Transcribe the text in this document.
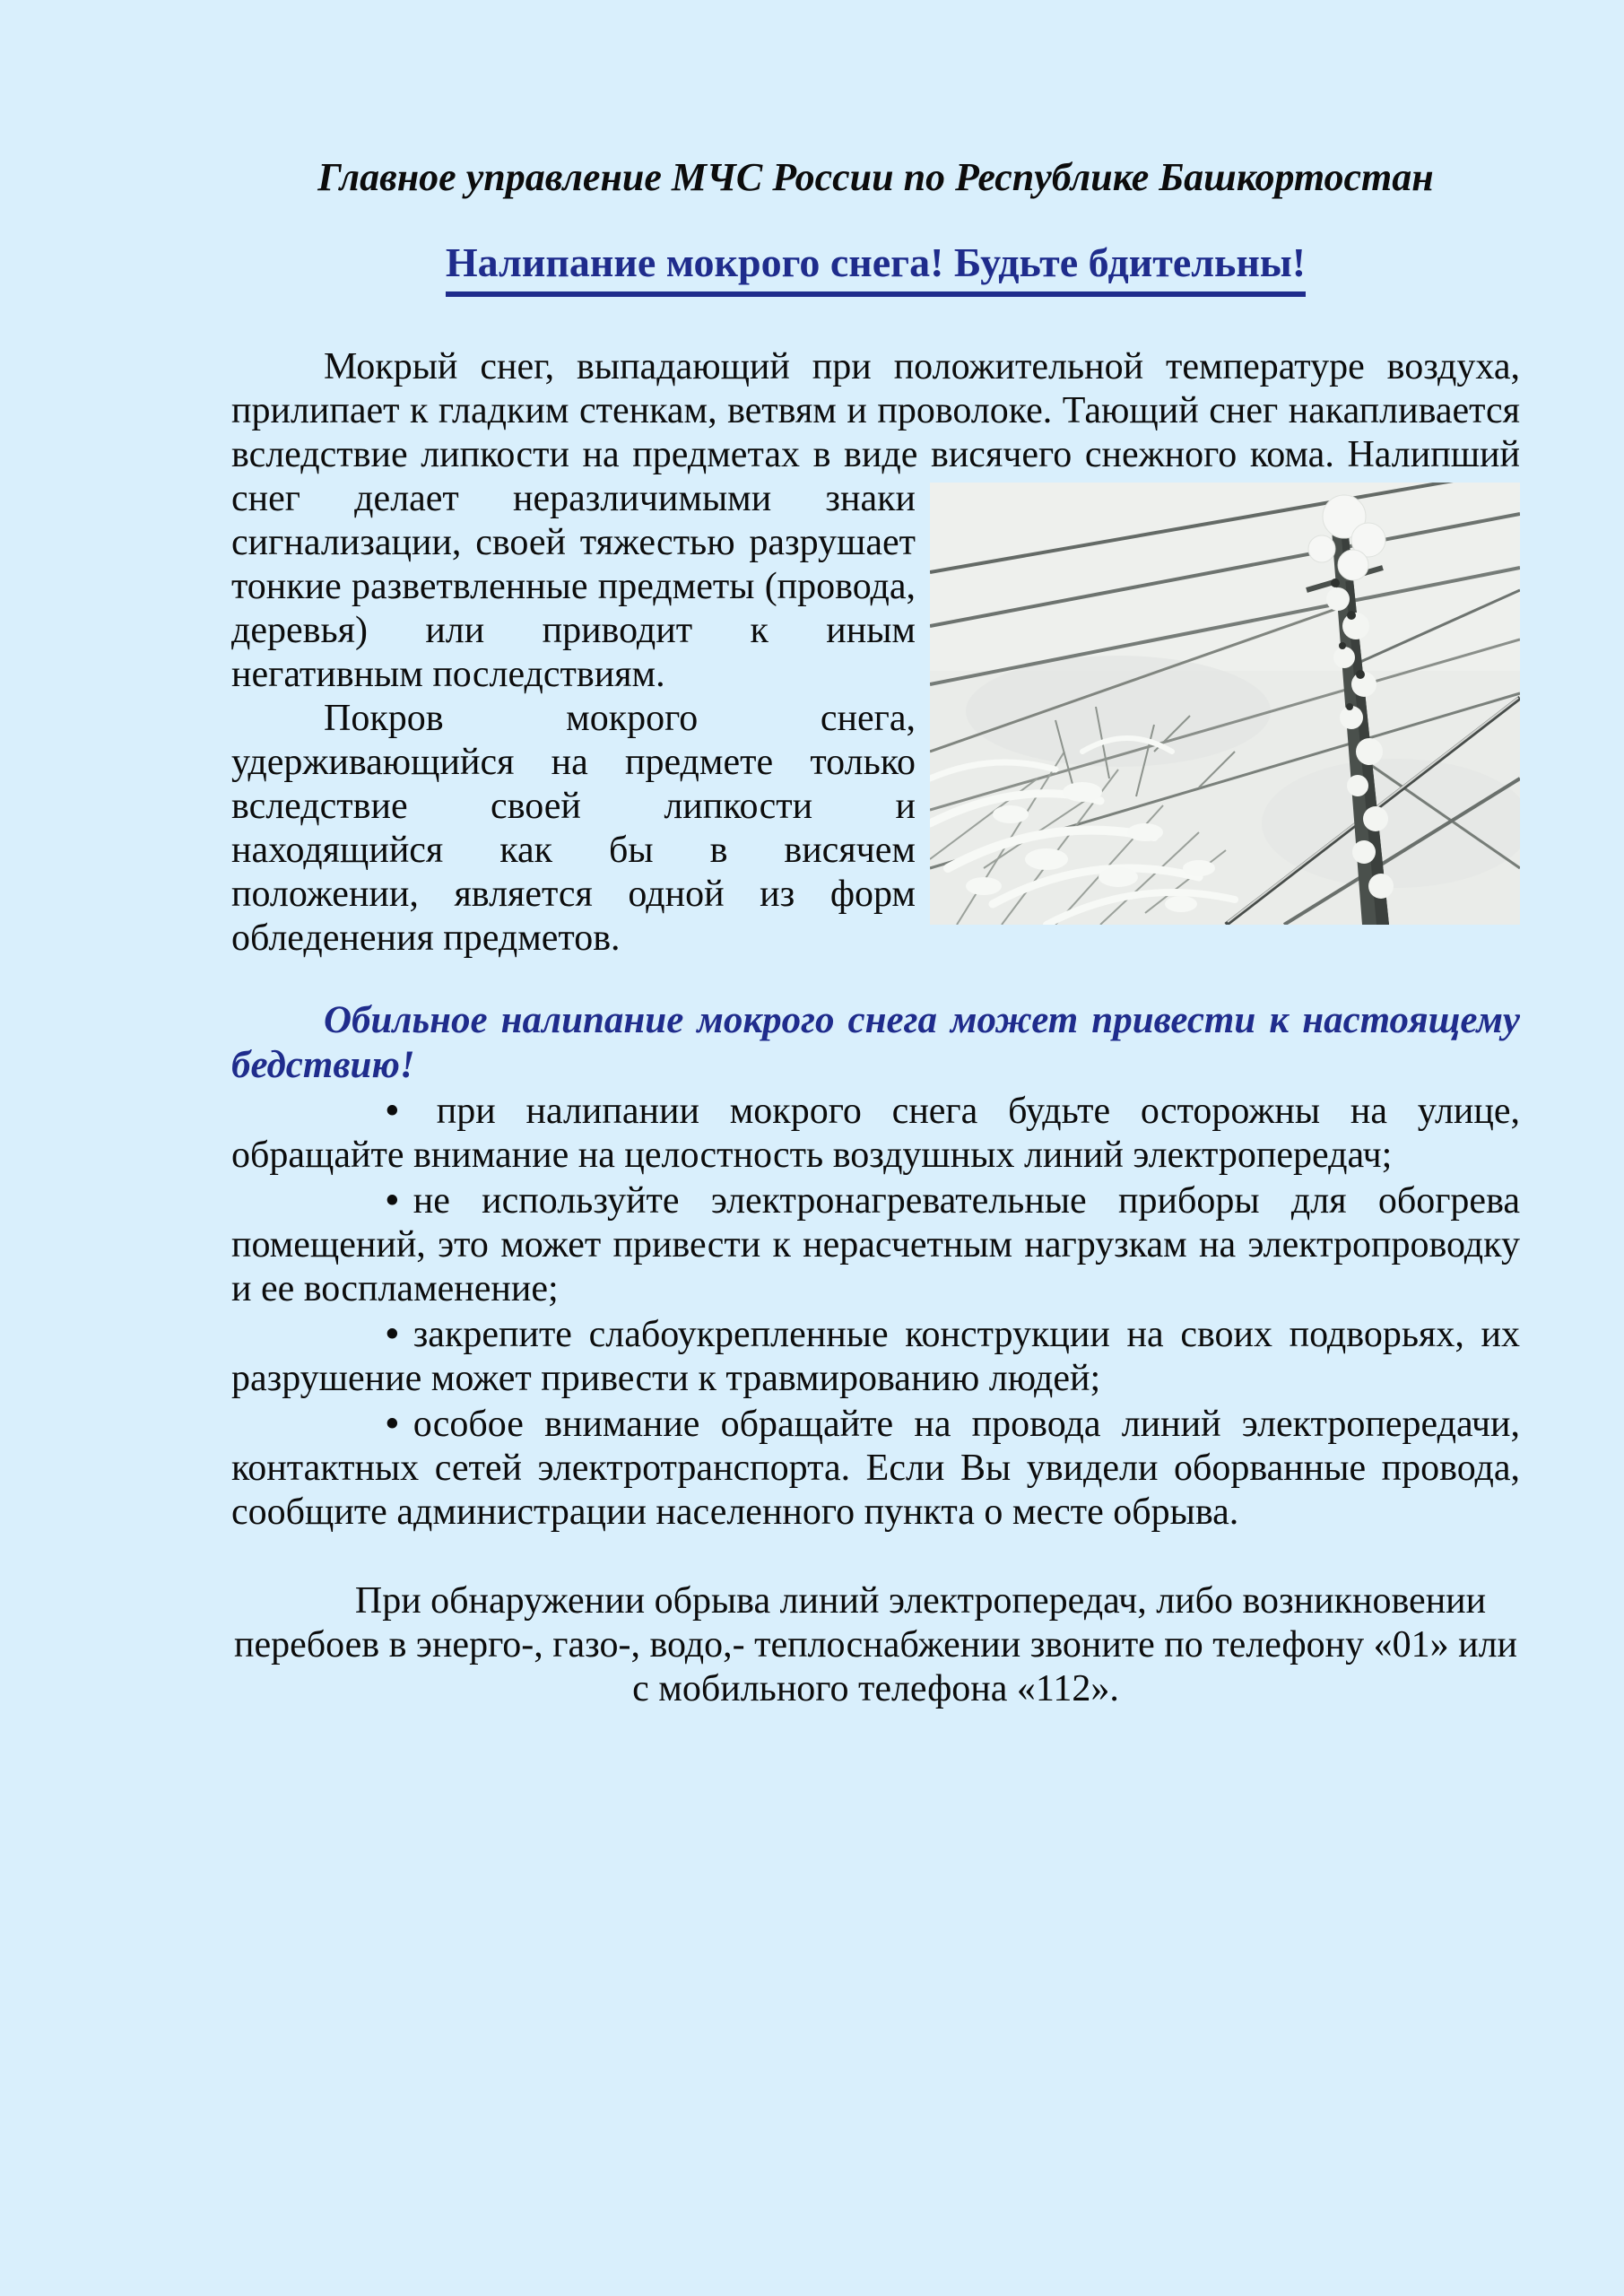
Главное управление МЧС России по Республике Башкортостан

Налипание мокрого снега! Будьте бдительны!

Мокрый снег, выпадающий при положительной температуре воздуха, прилипает к гладким стенкам, ветвям и проволоке. Тающий снег накапливается вследствие липкости на предметах в виде висячего снежного
кома. Налипший снег делает неразличимыми знаки сигнализации, своей тяжестью разрушает тонкие разветвленные предметы (провода, деревья) или приводит к иным негативным последствиям.

Покров мокрого снега, удерживающийся на предмете только вследствие своей липкости и находящийся как бы в висячем положении, является одной из форм обледенения предметов.

Обильное налипание мокрого снега может привести к настоящему бедствию!

• при налипании мокрого снега будьте осторожны на улице, обращайте внимание на целостность воздушных линий электропередач;

• не используйте электронагревательные приборы для обогрева помещений, это может привести к нерасчетным нагрузкам на электропроводку и ее воспламенение;

• закрепите слабоукрепленные конструкции на своих подворьях, их разрушение может привести к травмированию людей;

• особое внимание обращайте на провода линий электропередачи, контактных сетей электротранспорта. Если Вы увидели оборванные провода, сообщите администрации населенного пункта о месте обрыва.

При обнаружении обрыва линий электропередач, либо возникновении перебоев в энерго-, газо-, водо,- теплоснабжении звоните по телефону «01» или с мобильного телефона «112».
